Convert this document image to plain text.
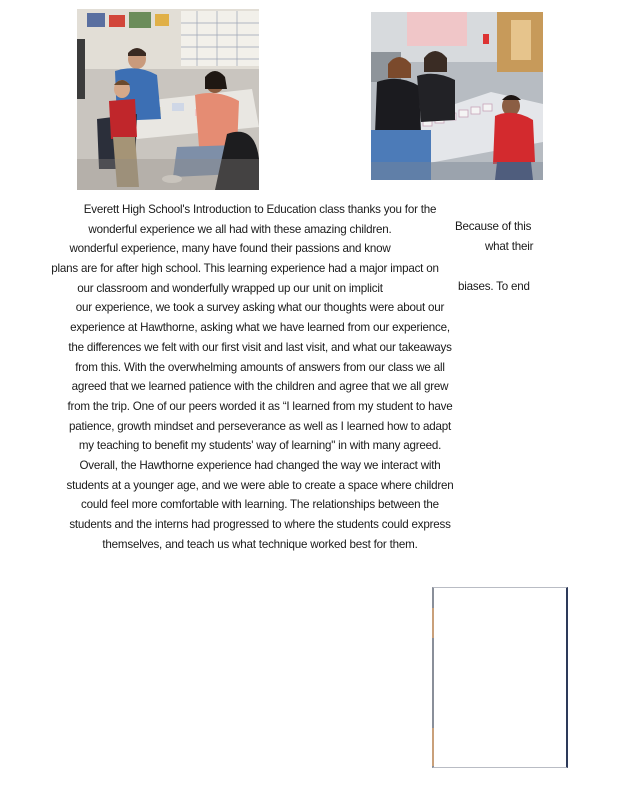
Everett High School's Introduction to Education class thanks you for the
wonderful experience we all had with these amazing children.
wonderful experience, many have found their passions and know
plans are for after high school. This learning experience had a major impact on
our classroom and wonderfully wrapped up our unit on implicit
our experience, we took a survey asking what our thoughts were about our
experience at Hawthorne, asking what we have learned from our experience,
the differences we felt with our first visit and last visit, and what our takeaways
from this. With the overwhelming amounts of answers from our class we all
agreed that we learned patience with the children and agree that we all grew
from the trip. One of our peers worded it as “I learned from my student to have
patience, growth mindset and perseverance as well as I learned how to adapt
my teaching to benefit my students' way of learning" in with many agreed.
Overall, the Hawthorne experience had changed the way we interact with
students at a younger age, and we were able to create a space where children
could feel more comfortable with learning. The relationships between the
students and the interns had progressed to where the students could express
themselves, and teach us what technique worked best for them.
Because of this
what their
biases. To end
